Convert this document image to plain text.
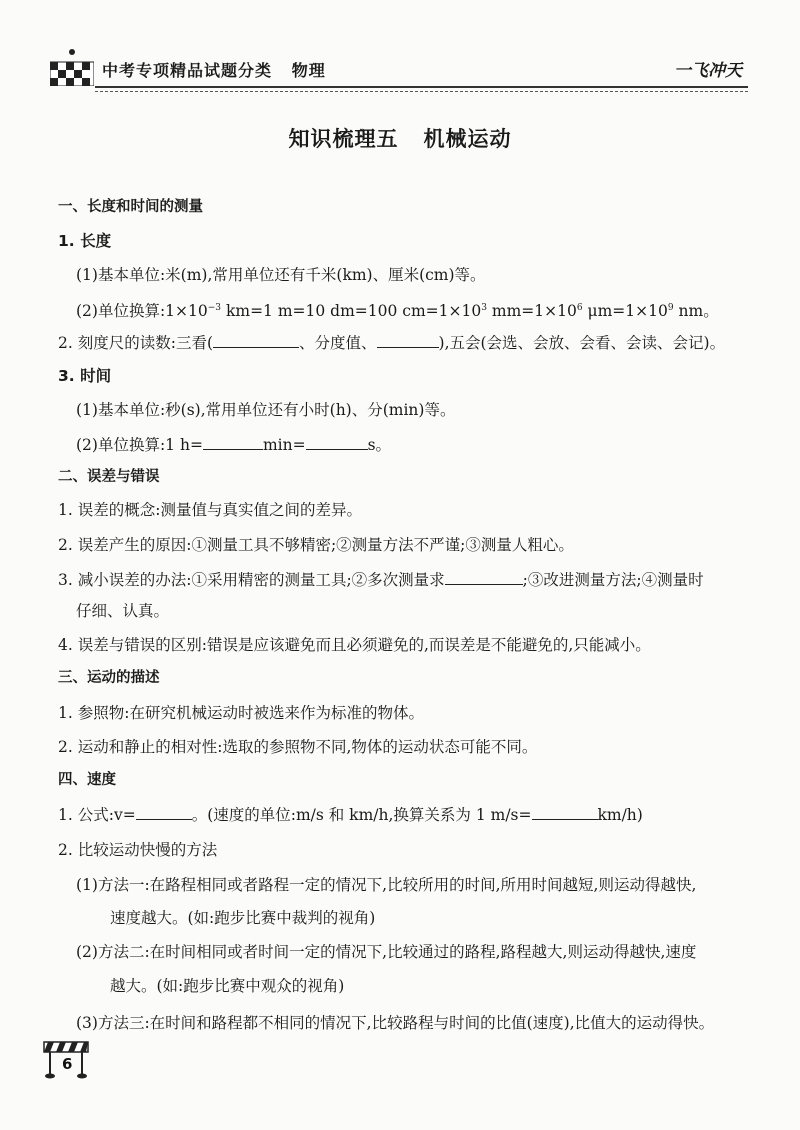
中考专项精品试题分类   物理	一飞冲天
知识梳理五   机械运动
一、长度和时间的测量
1. 长度
(1)基本单位:米(m),常用单位还有千米(km)、厘米(cm)等。
(2)单位换算$:1\times 10^{-3}$ km=1 m=10 dm=100 $cm=1\times 10^3$ $mm=1\times 10^6$ $\mu m=1\times 10^9$ nm。
2. 刻度尺的读数:三看(	、分度值、	),五会(会选、会放、会看、会读、会记)。
3. 时间
(1)基本单位:秒(s),常用单位还有小时(h)、分(min)等。
(2)单位换算:1 h=	min=	s。
二、误差与错误
1. 误差的概念:测量值与真实值之间的差异。
2. 误差产生的原因:①测量工具不够精密;②测量方法不严谨;③测量人粗心。
3. 减小误差的办法:①采用精密的测量工具;②多次测量求	;③改进测量方法;④测量时
仔细、认真。
4. 误差与错误的区别:错误是应该避免而且必须避免的,而误差是不能避免的,只能减小。
三、运动的描述
1. 参照物:在研究机械运动时被选来作为标准的物体。
2. 运动和静止的相对性:选取的参照物不同,物体的运动状态可能不同。
四、速度
1. 公式:v=	。(速度的单位:m/s 和 km/h,换算关系为 1 m/s=	km/h)
2. 比较运动快慢的方法
(1)方法一:在路程相同或者路程一定的情况下,比较所用的时间,所用时间越短,则运动得越快,
速度越大。(如:跑步比赛中裁判的视角)
(2)方法二:在时间相同或者时间一定的情况下,比较通过的路程,路程越大,则运动得越快,速度
越大。(如:跑步比赛中观众的视角)
(3)方法三:在时间和路程都不相同的情况下,比较路程与时间的比值(速度),比值大的运动得快。
6
